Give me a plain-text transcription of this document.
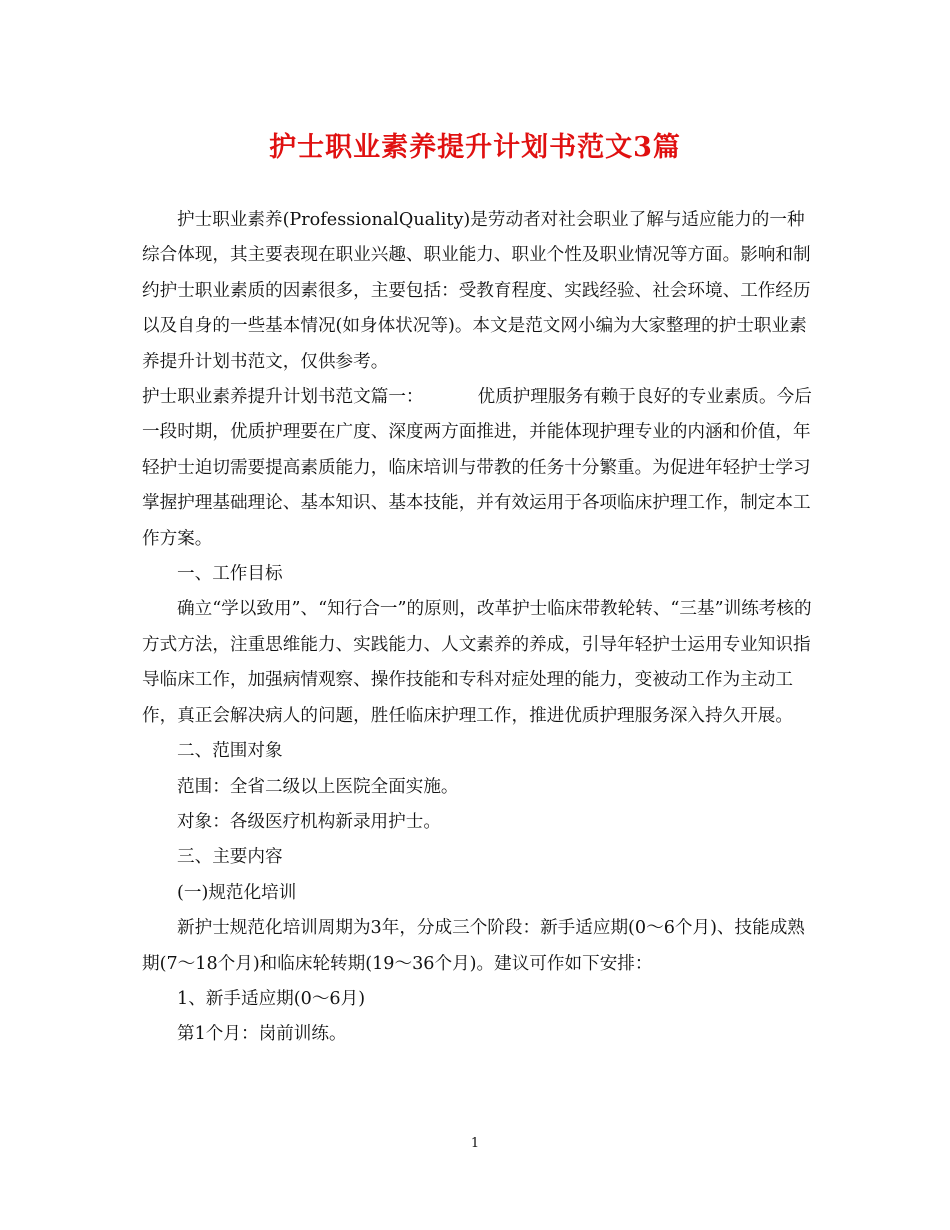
护士职业素养提升计划书范文3篇

护士职业素养(ProfessionalQuality)是劳动者对社会职业了解与适应能力的一种综合体现，其主要表现在职业兴趣、职业能力、职业个性及职业情况等方面。影响和制约护士职业素质的因素很多，主要包括：受教育程度、实践经验、社会环境、工作经历以及自身的一些基本情况(如身体状况等)。本文是范文网小编为大家整理的护士职业素养提升计划书范文，仅供参考。

护士职业素养提升计划书范文篇一：	优质护理服务有赖于良好的专业素质。今后一段时期，优质护理要在广度、深度两方面推进，并能体现护理专业的内涵和价值，年轻护士迫切需要提高素质能力，临床培训与带教的任务十分繁重。为促进年轻护士学习掌握护理基础理论、基本知识、基本技能，并有效运用于各项临床护理工作，制定本工作方案。

一、工作目标

确立“学以致用”、“知行合一”的原则，改革护士临床带教轮转、“三基”训练考核的方式方法，注重思维能力、实践能力、人文素养的养成，引导年轻护士运用专业知识指导临床工作，加强病情观察、操作技能和专科对症处理的能力，变被动工作为主动工作，真正会解决病人的问题，胜任临床护理工作，推进优质护理服务深入持久开展。

二、范围对象

范围：全省二级以上医院全面实施。

对象：各级医疗机构新录用护士。

三、主要内容

(一)规范化培训

新护士规范化培训周期为3年，分成三个阶段：新手适应期(0～6个月)、技能成熟期(7～18个月)和临床轮转期(19～36个月)。建议可作如下安排：

1、新手适应期(0～6月)

第1个月：岗前训练。

1
